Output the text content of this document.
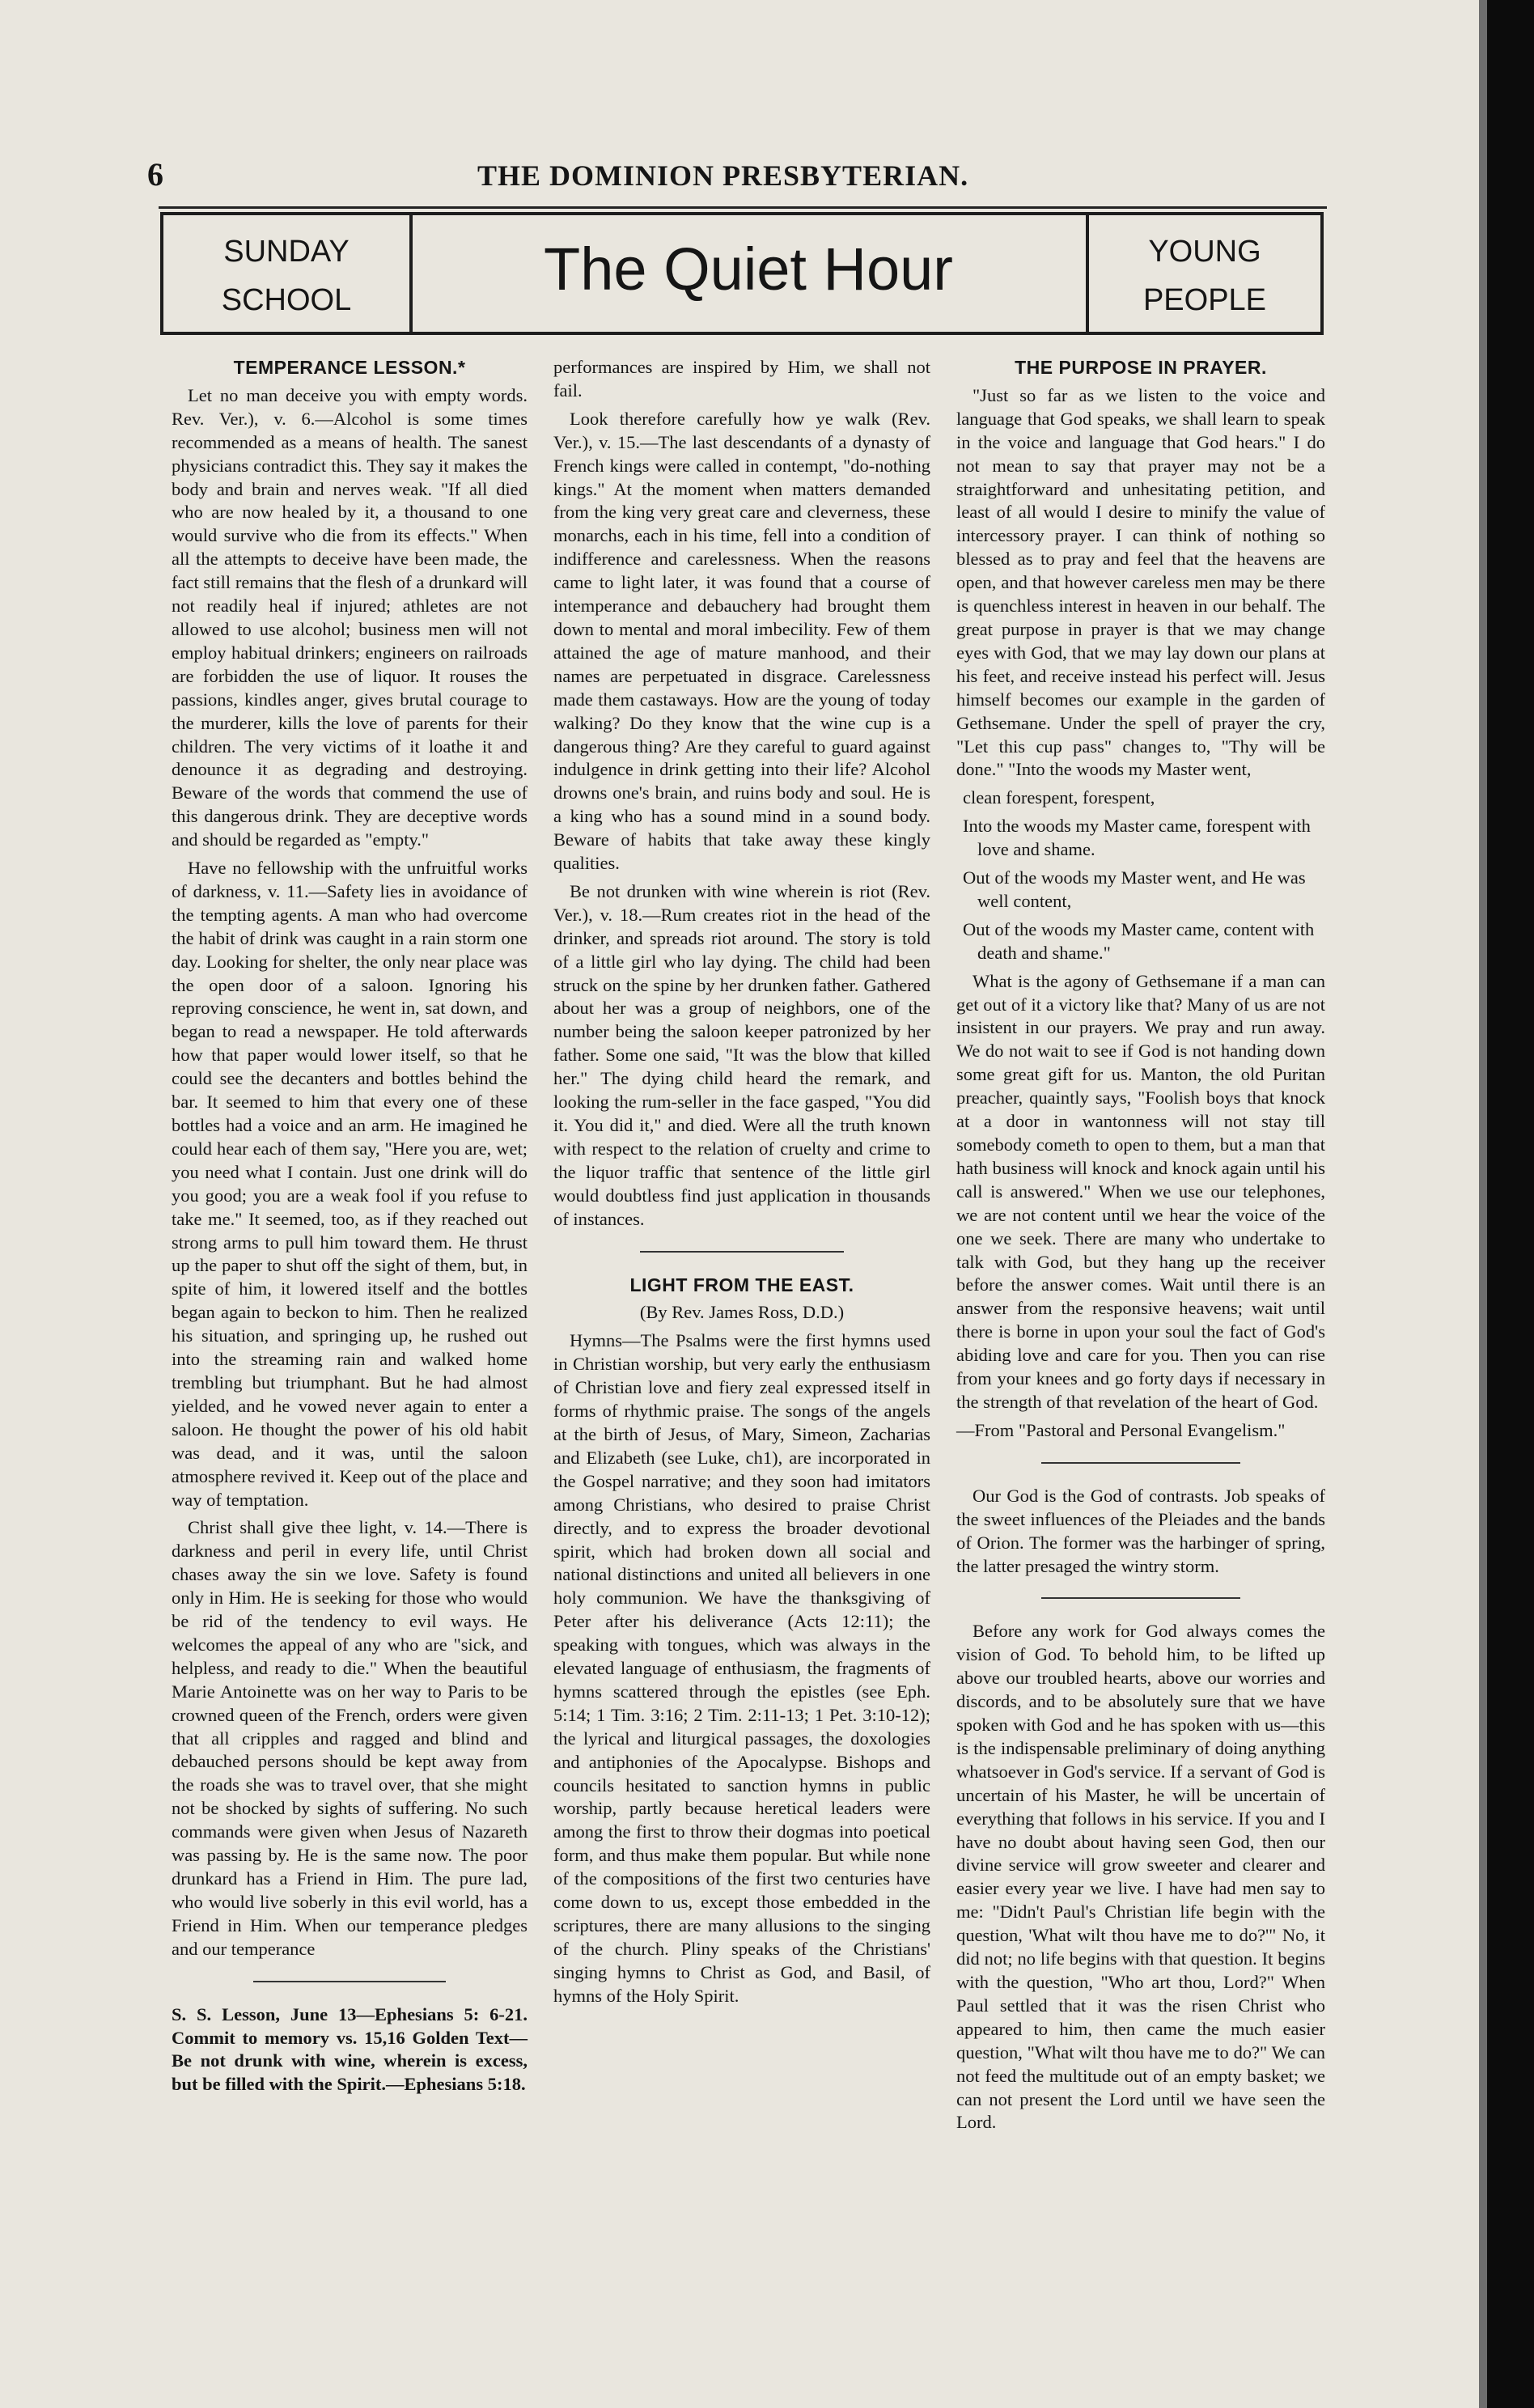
6	THE DOMINION PRESBYTERIAN.
SUNDAY
SCHOOL	The Quiet Hour	YOUNG
PEOPLE

TEMPERANCE LESSON.*

Let no man deceive you with empty words. Rev. Ver.), v. 6.—Alcohol is some times recommended as a means of health. The sanest physicians contradict this. They say it makes the body and brain and nerves weak. "If all died who are now healed by it, a thousand to one would survive who die from its effects." When all the attempts to deceive have been made, the fact still remains that the flesh of a drunkard will not readily heal if injured; athletes are not allowed to use alcohol; business men will not employ habitual drinkers; engineers on railroads are forbidden the use of liquor. It rouses the passions, kindles anger, gives brutal courage to the murderer, kills the love of parents for their children. The very victims of it loathe it and denounce it as degrading and destroying. Beware of the words that commend the use of this dangerous drink. They are deceptive words and should be regarded as "empty."

Have no fellowship with the unfruitful works of darkness, v. 11.—Safety lies in avoidance of the tempting agents. A man who had overcome the habit of drink was caught in a rain storm one day. Looking for shelter, the only near place was the open door of a saloon. Ignoring his reproving conscience, he went in, sat down, and began to read a newspaper. He told afterwards how that paper would lower itself, so that he could see the decanters and bottles behind the bar. It seemed to him that every one of these bottles had a voice and an arm. He imagined he could hear each of them say, "Here you are, wet; you need what I contain. Just one drink will do you good; you are a weak fool if you refuse to take me." It seemed, too, as if they reached out strong arms to pull him toward them. He thrust up the paper to shut off the sight of them, but, in spite of him, it lowered itself and the bottles began again to beckon to him. Then he realized his situation, and springing up, he rushed out into the streaming rain and walked home trembling but triumphant. But he had almost yielded, and he vowed never again to enter a saloon. He thought the power of his old habit was dead, and it was, until the saloon atmosphere revived it. Keep out of the place and way of temptation.

Christ shall give thee light, v. 14.—There is darkness and peril in every life, until Christ chases away the sin we love. Safety is found only in Him. He is seeking for those who would be rid of the tendency to evil ways. He welcomes the appeal of any who are "sick, and helpless, and ready to die." When the beautiful Marie Antoinette was on her way to Paris to be crowned queen of the French, orders were given that all cripples and ragged and blind and debauched persons should be kept away from the roads she was to travel over, that she might not be shocked by sights of suffering. No such commands were given when Jesus of Nazareth was passing by. He is the same now. The poor drunkard has a Friend in Him. The pure lad, who would live soberly in this evil world, has a Friend in Him. When our temperance pledges and our temperance

S. S. Lesson, June 13—Ephesians 5: 6-21. Commit to memory vs. 15,16 Golden Text—Be not drunk with wine, wherein is excess, but be filled with the Spirit.—Ephesians 5:18.

performances are inspired by Him, we shall not fail.

Look therefore carefully how ye walk (Rev. Ver.), v. 15.—The last descendants of a dynasty of French kings were called in contempt, "do-nothing kings." At the moment when matters demanded from the king very great care and cleverness, these monarchs, each in his time, fell into a condition of indifference and carelessness. When the reasons came to light later, it was found that a course of intemperance and debauchery had brought them down to mental and moral imbecility. Few of them attained the age of mature manhood, and their names are perpetuated in disgrace. Carelessness made them castaways. How are the young of today walking? Do they know that the wine cup is a dangerous thing? Are they careful to guard against indulgence in drink getting into their life? Alcohol drowns one's brain, and ruins body and soul. He is a king who has a sound mind in a sound body. Beware of habits that take away these kingly qualities.

Be not drunken with wine wherein is riot (Rev. Ver.), v. 18.—Rum creates riot in the head of the drinker, and spreads riot around. The story is told of a little girl who lay dying. The child had been struck on the spine by her drunken father. Gathered about her was a group of neighbors, one of the number being the saloon keeper patronized by her father. Some one said, "It was the blow that killed her." The dying child heard the remark, and looking the rum-seller in the face gasped, "You did it. You did it," and died. Were all the truth known with respect to the relation of cruelty and crime to the liquor traffic that sentence of the little girl would doubtless find just application in thousands of instances.

LIGHT FROM THE EAST.

(By Rev. James Ross, D.D.)

Hymns—The Psalms were the first hymns used in Christian worship, but very early the enthusiasm of Christian love and fiery zeal expressed itself in forms of rhythmic praise. The songs of the angels at the birth of Jesus, of Mary, Simeon, Zacharias and Elizabeth (see Luke, ch1), are incorporated in the Gospel narrative; and they soon had imitators among Christians, who desired to praise Christ directly, and to express the broader devotional spirit, which had broken down all social and national distinctions and united all believers in one holy communion. We have the thanksgiving of Peter after his deliverance (Acts 12:11); the speaking with tongues, which was always in the elevated language of enthusiasm, the fragments of hymns scattered through the epistles (see Eph. 5:14; 1 Tim. 3:16; 2 Tim. 2:11-13; 1 Pet. 3:10-12); the lyrical and liturgical passages, the doxologies and antiphonies of the Apocalypse. Bishops and councils hesitated to sanction hymns in public worship, partly because heretical leaders were among the first to throw their dogmas into poetical form, and thus make them popular. But while none of the compositions of the first two centuries have come down to us, except those embedded in the scriptures, there are many allusions to the singing of the church. Pliny speaks of the Christians' singing hymns to Christ as God, and Basil, of hymns of the Holy Spirit.

THE PURPOSE IN PRAYER.

"Just so far as we listen to the voice and language that God speaks, we shall learn to speak in the voice and language that God hears." I do not mean to say that prayer may not be a straightforward and unhesitating petition, and least of all would I desire to minify the value of intercessory prayer. I can think of nothing so blessed as to pray and feel that the heavens are open, and that however careless men may be there is quenchless interest in heaven in our behalf. The great purpose in prayer is that we may change eyes with God, that we may lay down our plans at his feet, and receive instead his perfect will. Jesus himself becomes our example in the garden of Gethsemane. Under the spell of prayer the cry, "Let this cup pass" changes to, "Thy will be done." "Into the woods my Master went,

clean forespent, forespent,

Into the woods my Master came, forespent with love and shame.

Out of the woods my Master went, and He was well content,

Out of the woods my Master came, content with death and shame."

What is the agony of Gethsemane if a man can get out of it a victory like that? Many of us are not insistent in our prayers. We pray and run away. We do not wait to see if God is not handing down some great gift for us. Manton, the old Puritan preacher, quaintly says, "Foolish boys that knock at a door in wantonness will not stay till somebody cometh to open to them, but a man that hath business will knock and knock again until his call is answered." When we use our telephones, we are not content until we hear the voice of the one we seek. There are many who undertake to talk with God, but they hang up the receiver before the answer comes. Wait until there is an answer from the responsive heavens; wait until there is borne in upon your soul the fact of God's abiding love and care for you. Then you can rise from your knees and go forty days if necessary in the strength of that revelation of the heart of God.

—From "Pastoral and Personal Evangelism."

Our God is the God of contrasts. Job speaks of the sweet influences of the Pleiades and the bands of Orion. The former was the harbinger of spring, the latter presaged the wintry storm.

Before any work for God always comes the vision of God. To behold him, to be lifted up above our troubled hearts, above our worries and discords, and to be absolutely sure that we have spoken with God and he has spoken with us—this is the indispensable preliminary of doing anything whatsoever in God's service. If a servant of God is uncertain of his Master, he will be uncertain of everything that follows in his service. If you and I have no doubt about having seen God, then our divine service will grow sweeter and clearer and easier every year we live. I have had men say to me: "Didn't Paul's Christian life begin with the question, 'What wilt thou have me to do?'" No, it did not; no life begins with that question. It begins with the question, "Who art thou, Lord?" When Paul settled that it was the risen Christ who appeared to him, then came the much easier question, "What wilt thou have me to do?" We can not feed the multitude out of an empty basket; we can not present the Lord until we have seen the Lord.
